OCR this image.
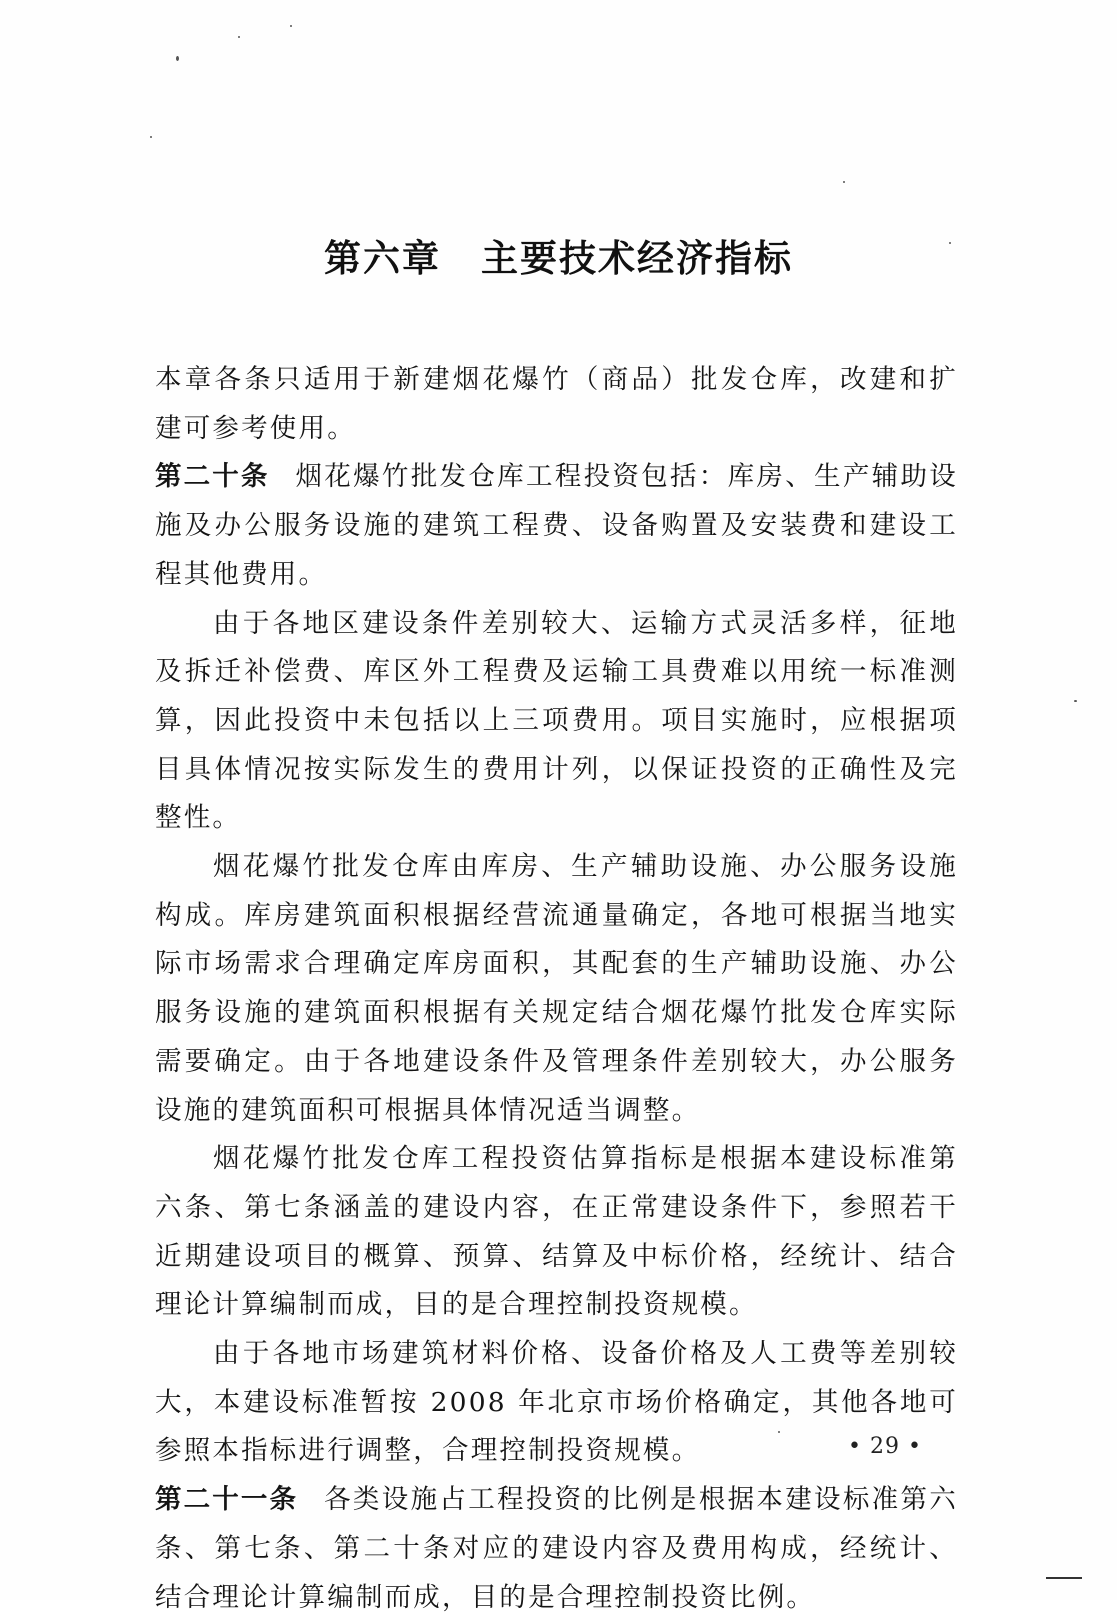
第六章 主要技术经济指标

本章各条只适用于新建烟花爆竹（商品）批发仓库，改建和扩建可参考使用。

第二十条 烟花爆竹批发仓库工程投资包括：库房、生产辅助设施及办公服务设施的建筑工程费、设备购置及安装费和建设工程其他费用。

由于各地区建设条件差别较大、运输方式灵活多样，征地及拆迁补偿费、库区外工程费及运输工具费难以用统一标准测算，因此投资中未包括以上三项费用。项目实施时，应根据项目具体情况按实际发生的费用计列，以保证投资的正确性及完整性。

烟花爆竹批发仓库由库房、生产辅助设施、办公服务设施构成。库房建筑面积根据经营流通量确定，各地可根据当地实际市场需求合理确定库房面积，其配套的生产辅助设施、办公服务设施的建筑面积根据有关规定结合烟花爆竹批发仓库实际需要确定。由于各地建设条件及管理条件差别较大，办公服务设施的建筑面积可根据具体情况适当调整。

烟花爆竹批发仓库工程投资估算指标是根据本建设标准第六条、第七条涵盖的建设内容，在正常建设条件下，参照若干近期建设项目的概算、预算、结算及中标价格，经统计、结合理论计算编制而成，目的是合理控制投资规模。

由于各地市场建筑材料价格、设备价格及人工费等差别较大，本建设标准暂按 2008 年北京市场价格确定，其他各地可参照本指标进行调整，合理控制投资规模。

第二十一条 各类设施占工程投资的比例是根据本建设标准第六条、第七条、第二十条对应的建设内容及费用构成，经统计、结合理论计算编制而成，目的是合理控制投资比例。

• 29 •
